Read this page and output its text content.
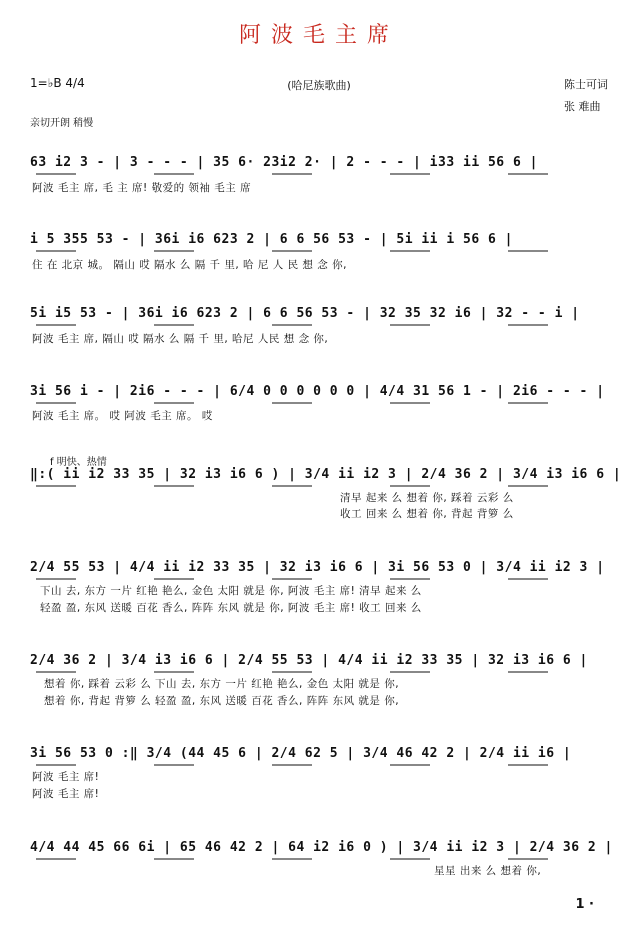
阿波毛主席
1=♭B 4/4	(哈尼族歌曲)	陈士可词
张 难曲
亲切开朗 稍慢
f 明快、热情
63 i2 3 - | 3 - - - | 35 6· 23i2 2· | 2 - - - | i33 ii 56 6 |
阿波 毛主 席, 毛 主 席! 敬爱的 领袖 毛主 席
i 5 355 53 - | 36i i6 623 2 | 6 6 56 53 - | 5i ii i 56 6 |
住 在 北京 城。 隔山 哎 隔水 么 隔 千 里, 哈 尼 人 民 想 念 你,
5i i5 53 - | 36i i6 623 2 | 6 6 56 53 - | 32 35 32 i6 | 32 - - i |
阿波 毛主 席, 隔山 哎 隔水 么 隔 千 里, 哈尼 人民 想 念 你,
3i 56 i - | 2i6 - - - | 6/4 0 0 0 0 0 0 | 4/4 31 56 1 - | 2i6 - - - |
阿波 毛主 席。 哎 阿波 毛主 席。 哎
‖:( ii i2 33 35 | 32 i3 i6 6 ) | 3/4 ii i2 3 | 2/4 36 2 | 3/4 i3 i6 6 |
清早 起来 么 想着 你, 踩着 云彩 么
收工 回来 么 想着 你, 背起 背箩 么
2/4 55 53 | 4/4 ii i2 33 35 | 32 i3 i6 6 | 3i 56 53 0 | 3/4 ii i2 3 |
下山 去, 东方 一片 红艳 艳么, 金色 太阳 就是 你, 阿波 毛主 席! 清早 起来 么
轻盈 盈, 东风 送暖 百花 香么, 阵阵 东风 就是 你, 阿波 毛主 席! 收工 回来 么
2/4 36 2 | 3/4 i3 i6 6 | 2/4 55 53 | 4/4 ii i2 33 35 | 32 i3 i6 6 |
想着 你, 踩着 云彩 么 下山 去, 东方 一片 红艳 艳么, 金色 太阳 就是 你,
想着 你, 背起 背箩 么 轻盈 盈, 东风 送暖 百花 香么, 阵阵 东风 就是 你,
3i 56 53 0 :‖ 3/4 (44 45 6 | 2/4 62 5 | 3/4 46 42 2 | 2/4 ii i6 |
阿波 毛主 席!
阿波 毛主 席!
4/4 44 45 66 6i | 65 46 42 2 | 64 i2 i6 0 ) | 3/4 ii i2 3 | 2/4 36 2 |
星星 出来 么 想着 你,
1 ·
